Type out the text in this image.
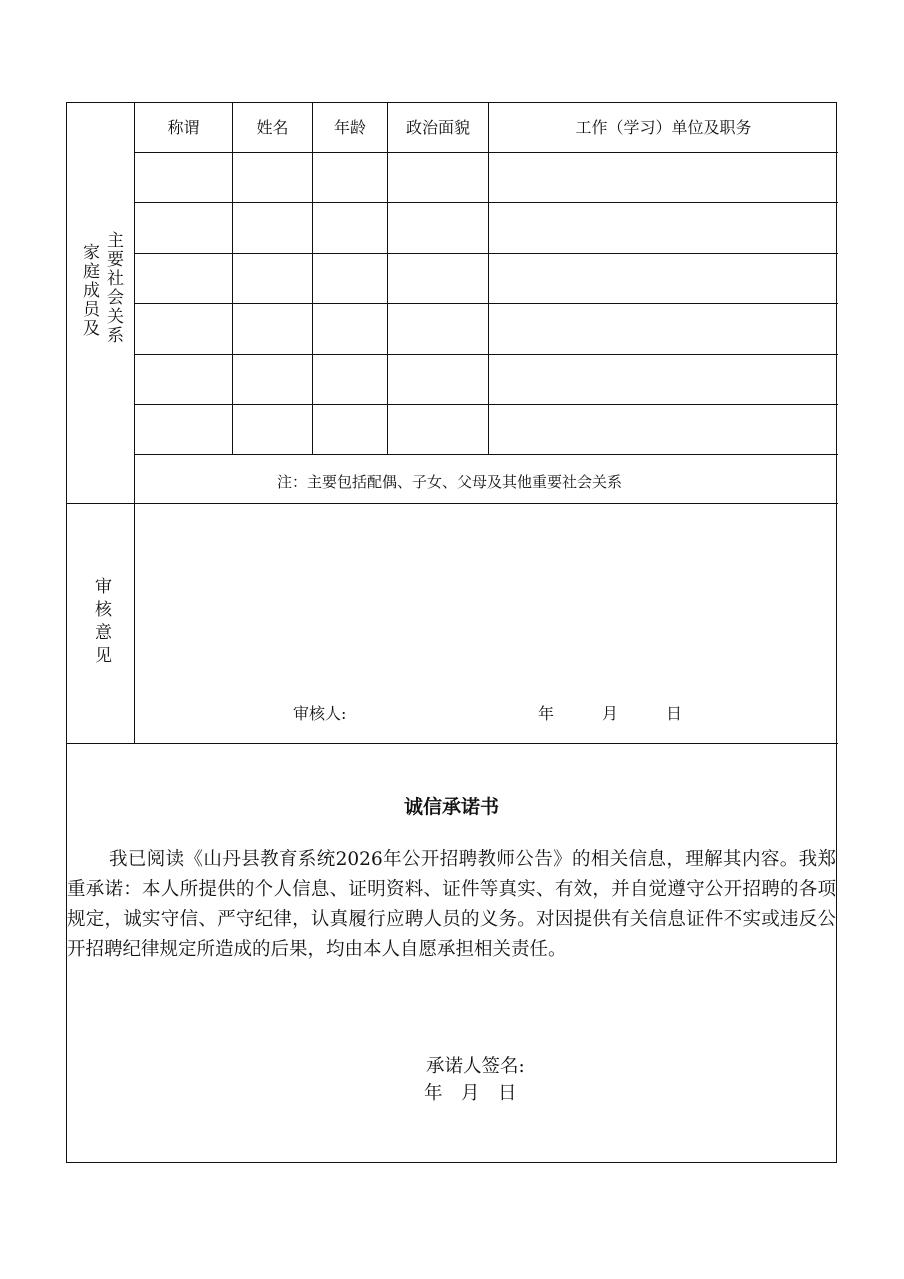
家庭成员及 主要社会关系
称谓	姓名	年龄	政治面貌	工作（学习）单位及职务
注：主要包括配偶、子女、父母及其他重要社会关系
审核意见
审核人:	年	月	日
诚信承诺书
我已阅读《山丹县教育系统2026年公开招聘教师公告》的相关信息，理解其内容。我郑重承诺：本人所提供的个人信息、证明资料、证件等真实、有效，并自觉遵守公开招聘的各项规定，诚实守信、严守纪律，认真履行应聘人员的义务。对因提供有关信息证件不实或违反公开招聘纪律规定所造成的后果，均由本人自愿承担相关责任。
承诺人签名:
年　月　日
